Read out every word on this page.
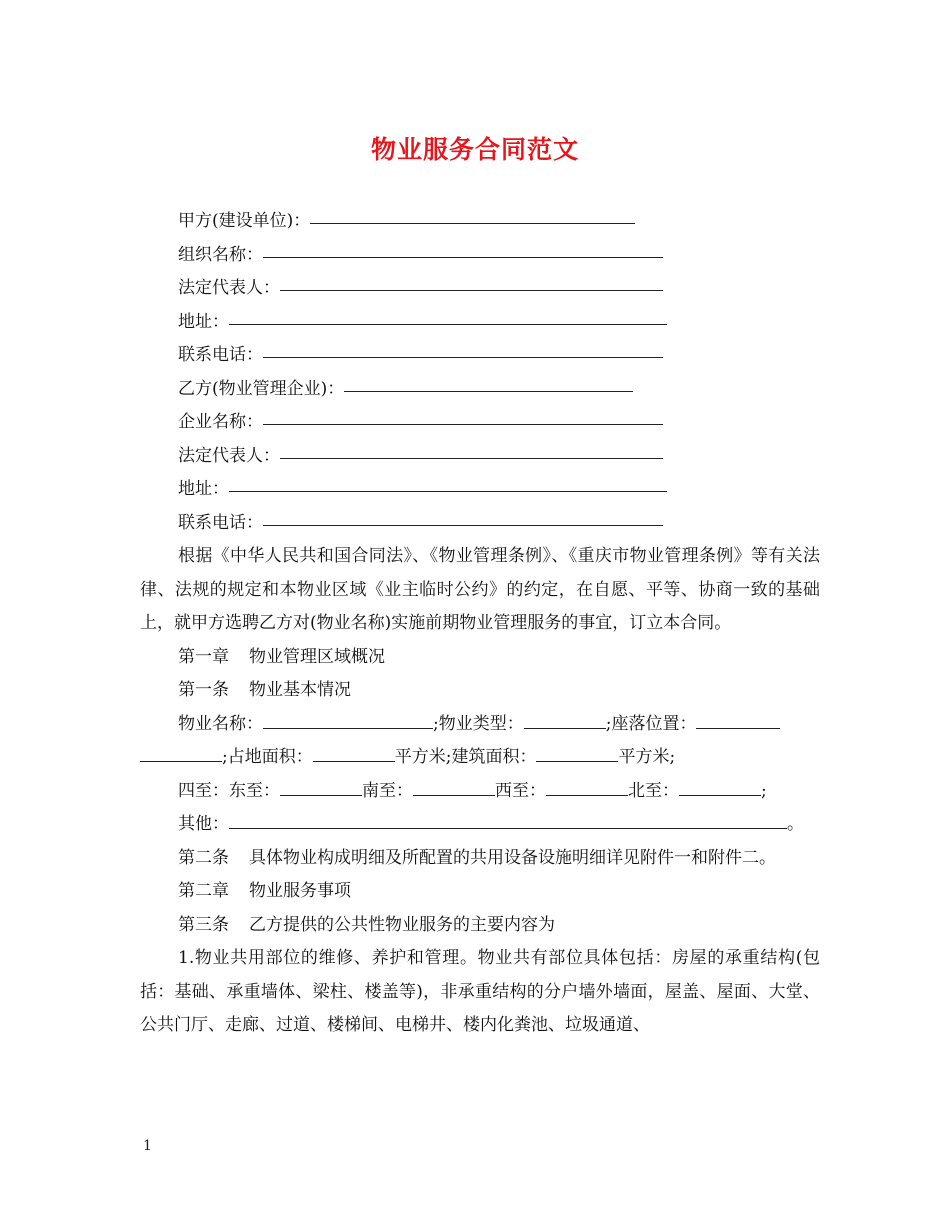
物业服务合同范文
甲方(建设单位)：
组织名称：
法定代表人：
地址：
联系电话：
乙方(物业管理企业)：
企业名称：
法定代表人：
地址：
联系电话：
根据《中华人民共和国合同法》、《物业管理条例》、《重庆市物业管理条例》等有关法律、法规的规定和本物业区域《业主临时公约》的约定，在自愿、平等、协商一致的基础上，就甲方选聘乙方对(物业名称)实施前期物业管理服务的事宜，订立本合同。
第一章 物业管理区域概况
第一条 物业基本情况
物业名称：	;物业类型：	;座落位置：
;占地面积：	平方米;建筑面积：	平方米;
四至：东至：	南至：	西至：	北至：	;
其他：	。
第二条 具体物业构成明细及所配置的共用设备设施明细详见附件一和附件二。
第二章 物业服务事项
第三条 乙方提供的公共性物业服务的主要内容为
1.物业共用部位的维修、养护和管理。物业共有部位具体包括：房屋的承重结构(包括：基础、承重墙体、梁柱、楼盖等)，非承重结构的分户墙外墙面，屋盖、屋面、大堂、公共门厅、走廊、过道、楼梯间、电梯井、楼内化粪池、垃圾通道、
1
